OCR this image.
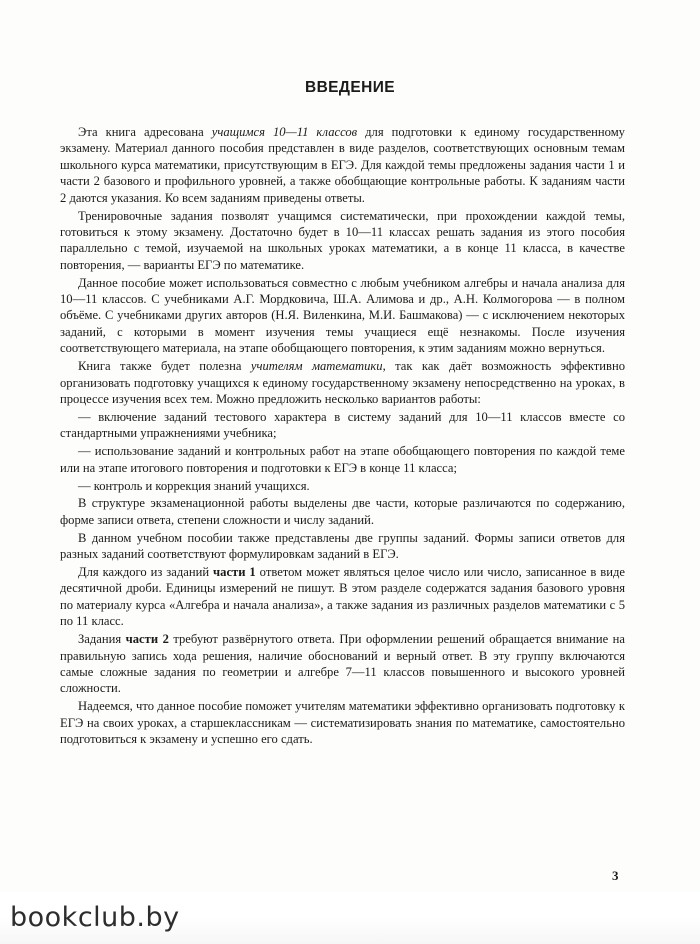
ВВЕДЕНИЕ

Эта книга адресована учащимся 10—11 классов для подготовки к единому государственному экзамену. Материал данного пособия представлен в виде разделов, соответствующих основным темам школьного курса математики, присутствующим в ЕГЭ. Для каждой темы предложены задания части 1 и части 2 базового и профильного уровней, а также обобщающие контрольные работы. К заданиям части 2 даются указания. Ко всем заданиям приведены ответы.

Тренировочные задания позволят учащимся систематически, при прохождении каждой темы, готовиться к этому экзамену. Достаточно будет в 10—11 классах решать задания из этого пособия параллельно с темой, изучаемой на школьных уроках математики, а в конце 11 класса, в качестве повторения, — варианты ЕГЭ по математике.

Данное пособие может использоваться совместно с любым учебником алгебры и начала анализа для 10—11 классов. С учебниками А.Г. Мордковича, Ш.А. Алимова и др., А.Н. Колмогорова — в полном объёме. С учебниками других авторов (Н.Я. Виленкина, М.И. Башмакова) — с исключением некоторых заданий, с которыми в момент изучения темы учащиеся ещё незнакомы. После изучения соответствующего материала, на этапе обобщающего повторения, к этим заданиям можно вернуться.

Книга также будет полезна учителям математики, так как даёт возможность эффективно организовать подготовку учащихся к единому государственному экзамену непосредственно на уроках, в процессе изучения всех тем. Можно предложить несколько вариантов работы:

— включение заданий тестового характера в систему заданий для 10—11 классов вместе со стандартными упражнениями учебника;

— использование заданий и контрольных работ на этапе обобщающего повторения по каждой теме или на этапе итогового повторения и подготовки к ЕГЭ в конце 11 класса;

— контроль и коррекция знаний учащихся.

В структуре экзаменационной работы выделены две части, которые различаются по содержанию, форме записи ответа, степени сложности и числу заданий.

В данном учебном пособии также представлены две группы заданий. Формы записи ответов для разных заданий соответствуют формулировкам заданий в ЕГЭ.

Для каждого из заданий части 1 ответом может являться целое число или число, записанное в виде десятичной дроби. Единицы измерений не пишут. В этом разделе содержатся задания базового уровня по материалу курса «Алгебра и начала анализа», а также задания из различных разделов математики с 5 по 11 класс.

Задания части 2 требуют развёрнутого ответа. При оформлении решений обращается внимание на правильную запись хода решения, наличие обоснований и верный ответ. В эту группу включаются самые сложные задания по геометрии и алгебре 7—11 классов повышенного и высокого уровней сложности.

Надеемся, что данное пособие поможет учителям математики эффективно организовать подготовку к ЕГЭ на своих уроках, а старшеклассникам — систематизировать знания по математике, самостоятельно подготовиться к экзамену и успешно его сдать.

3
bookclub.by
